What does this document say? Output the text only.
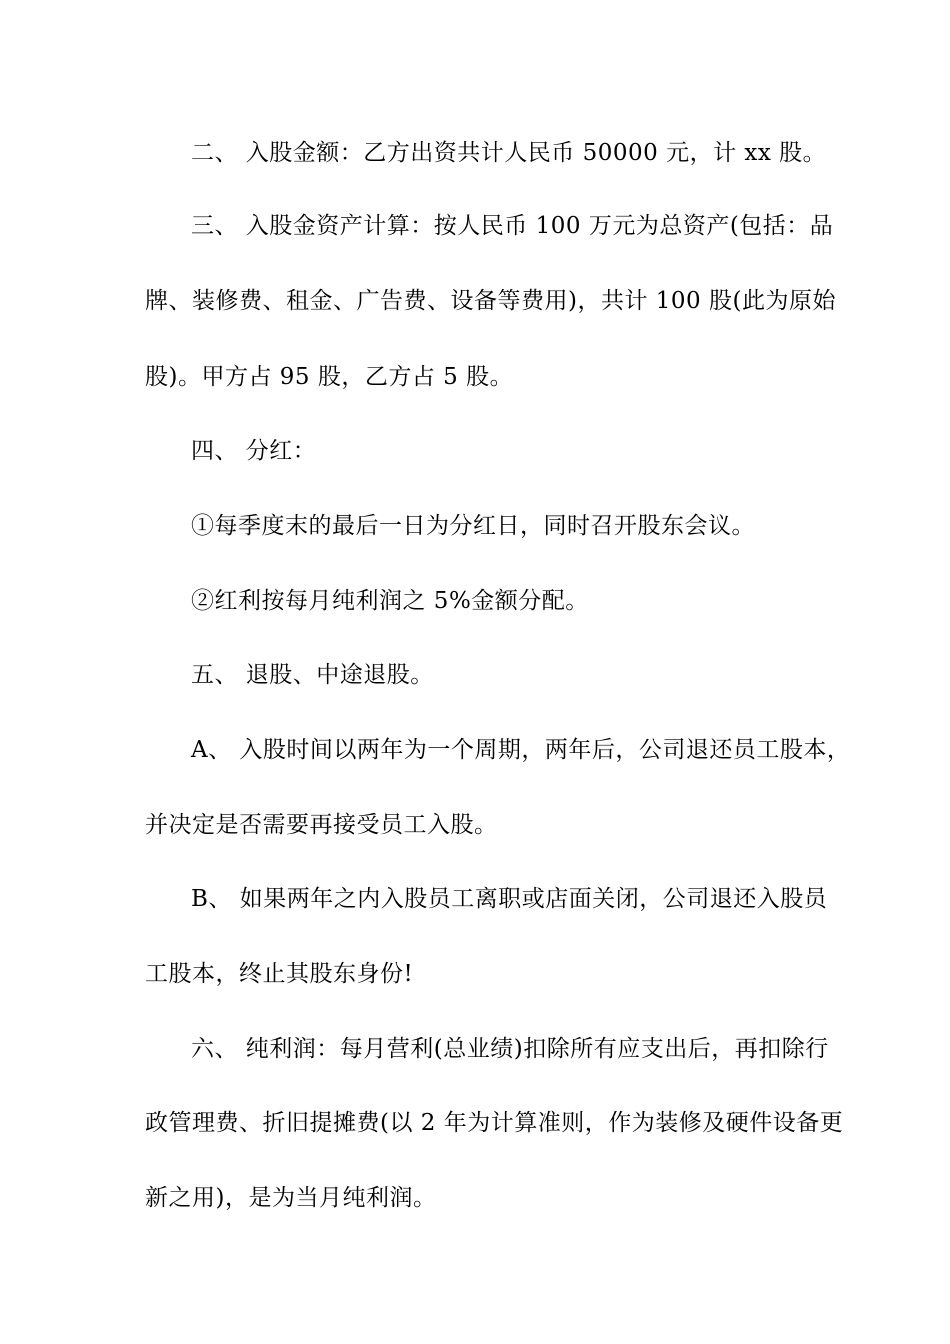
二、 入股金额：乙方出资共计人民币 50000 元，计 xx 股。
三、 入股金资产计算：按人民币 100 万元为总资产(包括：品
牌、装修费、租金、广告费、设备等费用)，共计 100 股(此为原始
股)。甲方占 95 股，乙方占 5 股。
四、 分红：
①每季度末的最后一日为分红日，同时召开股东会议。
②红利按每月纯利润之 5%金额分配。
五、 退股、中途退股。
A、 入股时间以两年为一个周期，两年后，公司退还员工股本，
并决定是否需要再接受员工入股。
B、 如果两年之内入股员工离职或店面关闭，公司退还入股员
工股本，终止其股东身份!
六、 纯利润：每月营利(总业绩)扣除所有应支出后，再扣除行
政管理费、折旧提摊费(以 2 年为计算准则，作为装修及硬件设备更
新之用)，是为当月纯利润。
